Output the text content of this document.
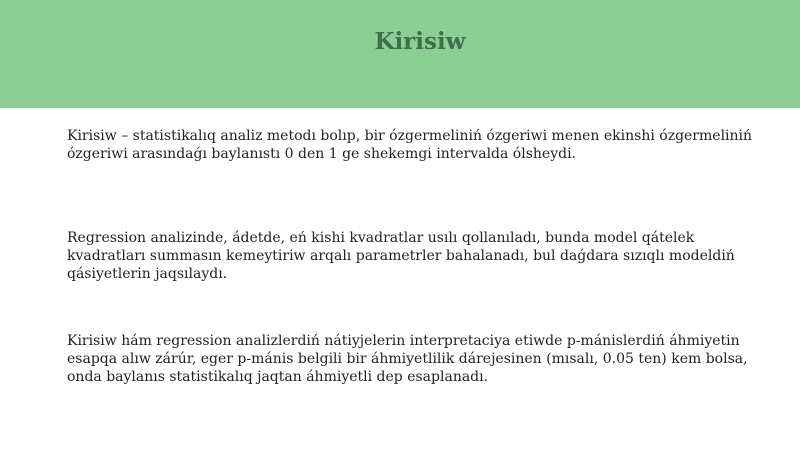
Kirisiw

Kirisiw – statistikalıq analiz metodı bolıp, bir ózgermeliniń ózgeriwi menen ekinshi ózgermeliniń ózgeriwi arasındaǵı baylanıstı 0 den 1 ge shekemgi intervalda ólsheydi.

Regression analizinde, ádetde, eń kishi kvadratlar usılı qollanıladı, bunda model qátelek kvadratları summasın kemeytiriw arqalı parametrler bahalanadı, bul daǵdara sızıqlı modeldiń qásiyetlerin jaqsılaydı.

Kirisiw hám regression analizlerdiń nátiyjelerin interpretaciya etiwde p-mánislerdiń áhmiyetin esapqa alıw zárúr, eger p-mánis belgili bir áhmiyetlilik dárejesinen (mısalı, 0.05 ten) kem bolsa, onda baylanıs statistikalıq jaqtan áhmiyetli dep esaplanadı.
